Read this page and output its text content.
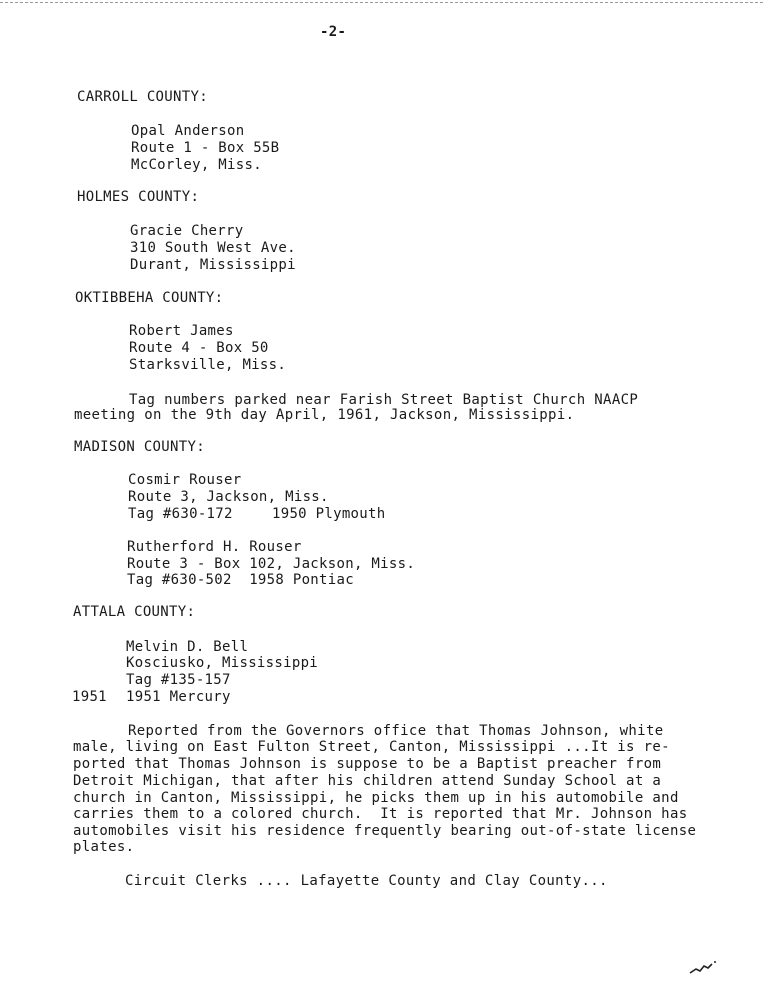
-2-
CARROLL COUNTY:
Opal Anderson
Route 1 - Box 55B
McCorley, Miss.
HOLMES COUNTY:
Gracie Cherry
310 South West Ave.
Durant, Mississippi
OKTIBBEHA COUNTY:
Robert James
Route 4 - Box 50
Starksville, Miss.
Tag numbers parked near Farish Street Baptist Church NAACP
meeting on the 9th day April, 1961, Jackson, Mississippi.
MADISON COUNTY:
Cosmir Rouser
Route 3, Jackson, Miss.
Tag #630-172	1950 Plymouth
Rutherford H. Rouser
Route 3 - Box 102, Jackson, Miss.
Tag #630-502  1958 Pontiac
ATTALA COUNTY:
Melvin D. Bell
Kosciusko, Mississippi
Tag #135-157
1951 1951 Mercury
Reported from the Governors office that Thomas Johnson, white
male, living on East Fulton Street, Canton, Mississippi ...It is re-
ported that Thomas Johnson is suppose to be a Baptist preacher from
Detroit Michigan, that after his children attend Sunday School at a
church in Canton, Mississippi, he picks them up in his automobile and
carries them to a colored church.  It is reported that Mr. Johnson has
automobiles visit his residence frequently bearing out-of-state license
plates.
Circuit Clerks .... Lafayette County and Clay County...
